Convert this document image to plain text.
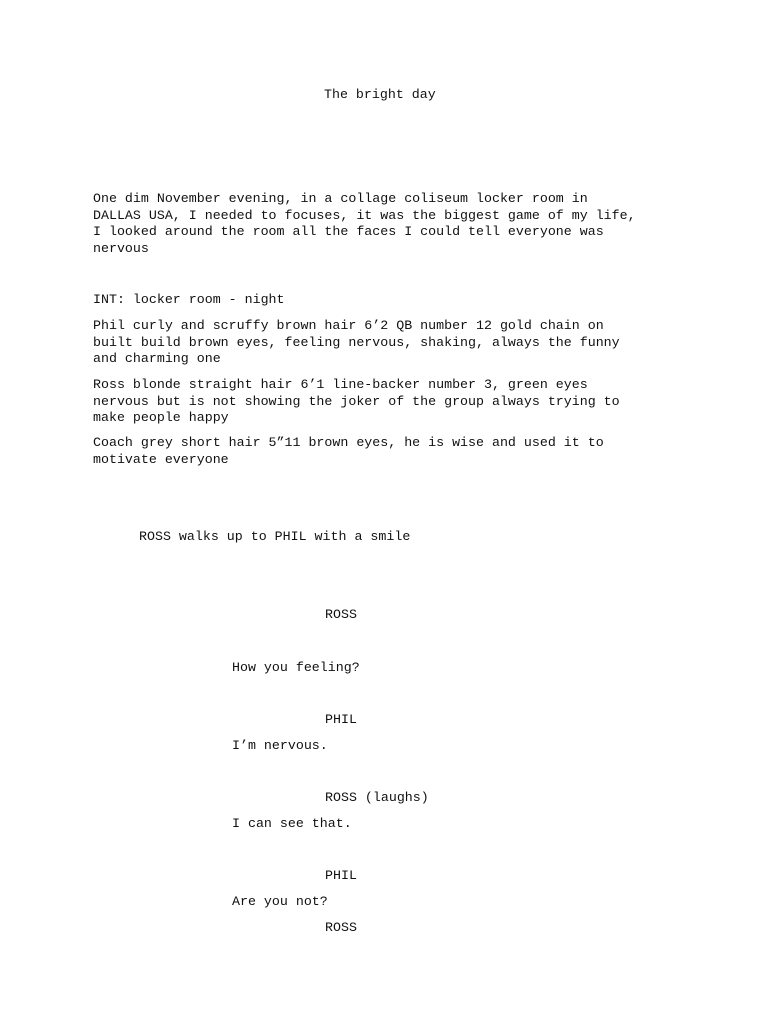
The bright day

One dim November evening, in a collage coliseum locker room in
DALLAS USA, I needed to focuses, it was the biggest game of my life,
I looked around the room all the faces I could tell everyone was
nervous

INT: locker room - night

Phil curly and scruffy brown hair 6’2 QB number 12 gold chain on
built build brown eyes, feeling nervous, shaking, always the funny
and charming one

Ross blonde straight hair 6’1 line-backer number 3, green eyes
nervous but is not showing the joker of the group always trying to
make people happy

Coach grey short hair 5”11 brown eyes, he is wise and used it to
motivate everyone

ROSS walks up to PHIL with a smile

ROSS

How you feeling?

PHIL

I’m nervous.

ROSS (laughs)

I can see that.

PHIL

Are you not?

ROSS
